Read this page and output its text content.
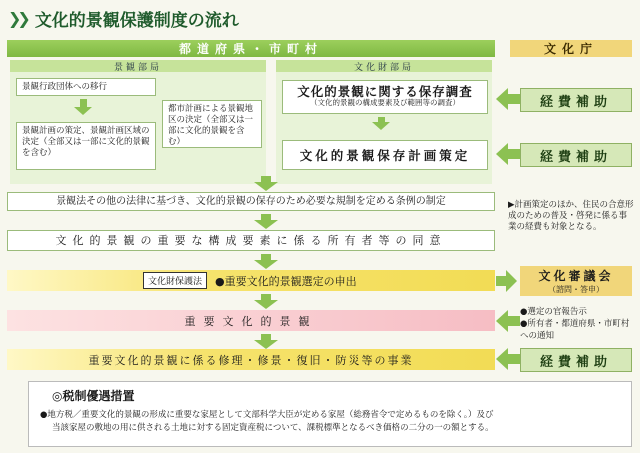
❯❯ 文化的景観保護制度の流れ
都道府県・市町村	文化庁
景観部局	文化財部局
景観行政団体への移行
景観計画の策定、景観計画区域の決定（全部又は一部に文化的景観を含む）
都市計画による景観地区の決定（全部又は一部に文化的景観を含む）
文化的景観に関する保存調査
（文化的景観の構成要素及び範囲等の調査）
文化的景観保存計画策定
経費補助
経費補助
景観法その他の法律に基づき、文化的景観の保存のため必要な規制を定める条例の制定	▶計画策定のほか、住民の合意形成のための普及・啓発に係る事業の経費も対象となる。
文化的景観の重要な構成要素に係る所有者等の同意
文化財保護法	●重要文化的景観選定の申出	文化審議会
（諮問・答申）
重要文化的景観
●選定の官報告示
●所有者・都道府県・市町村への通知
重要文化的景観に係る修理・修景・復旧・防災等の事業	経費補助
◎税制優遇措置
●地方税／重要文化的景観の形成に重要な家屋として文部科学大臣が定める家屋（総務省令で定めるものを除く。）及び
当該家屋の敷地の用に供される土地に対する固定資産税について、課税標準となるべき価格の二分の一の額とする。
